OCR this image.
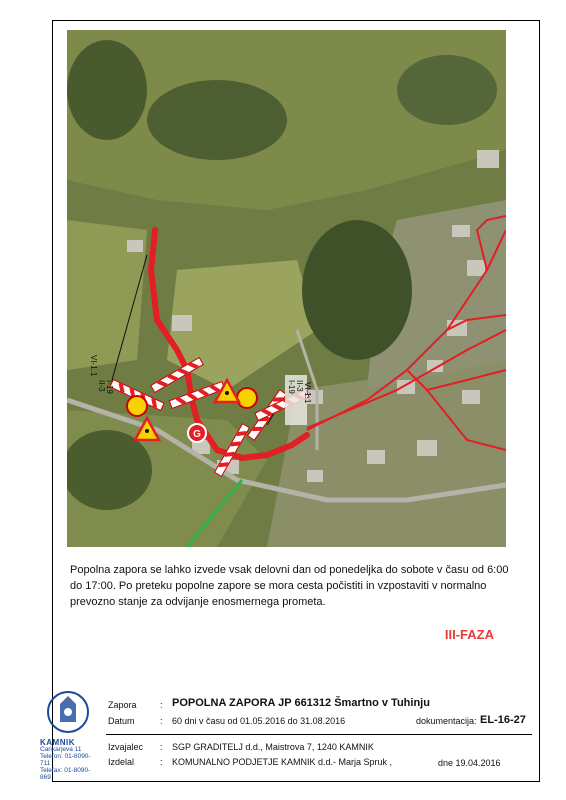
G
I-19
II-3
VI-1.1
I-19 II-3 VI-1.1
Popolna zapora se lahko izvede vsak delovni dan od ponedeljka do sobote v času od 6:00 do 17:00. Po preteku popolne zapore se mora cesta počistiti in vzpostaviti v normalno prevozno stanje za odvijanje enosmernega prometa.
III-FAZA
KAMNIK
Cankarjeva 11
Telefon: 01-8090-711
Telefax: 01-8090-869
Zapora	: POPOLNA ZAPORA JP 661312 Šmartno v Tuhinju
Datum	: 60 dni v času od 01.05.2016 do 31.08.2016	dokumentacija: EL-16-27
Izvajalec : SGP GRADITELJ d.d., Maistrova 7, 1240 KAMNIK
Izdelal	: KOMUNALNO PODJETJE KAMNIK d.d.- Marja Spruk ,	dne 19.04.2016
